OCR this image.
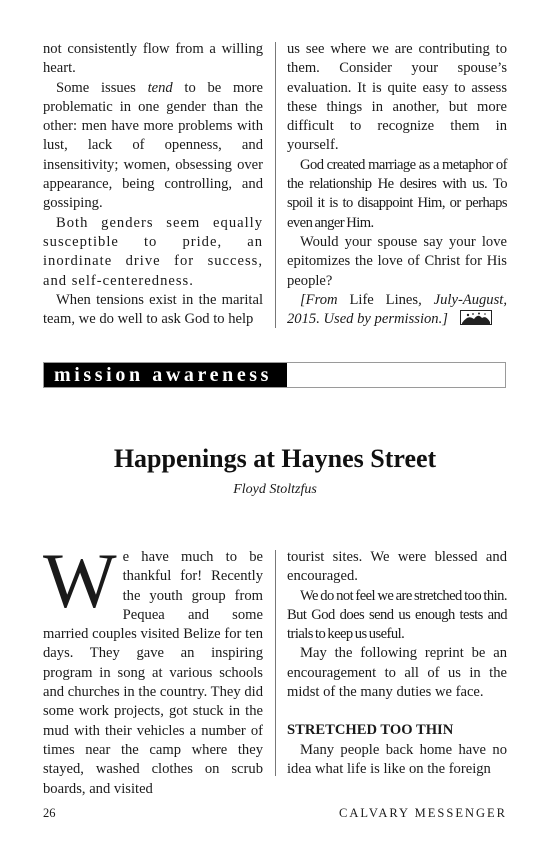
not consistently flow from a willing heart.

Some issues tend to be more problematic in one gender than the other: men have more problems with lust, lack of openness, and insensitivity; women, obsessing over appearance, being controlling, and gossiping.

Both genders seem equally susceptible to pride, an inordinate drive for success, and self-centeredness.

When tensions exist in the marital team, we do well to ask God to help

us see where we are contributing to them. Consider your spouse’s evaluation. It is quite easy to assess these things in another, but more difficult to recognize them in yourself.

God created marriage as a metaphor of the relationship He desires with us. To spoil it is to disappoint Him, or perhaps even anger Him.

Would your spouse say your love epitomizes the love of Christ for His people?

[From Life Lines, July-August, 2015. Used by permission.]

mission awareness
Happenings at Haynes Street
Floyd Stoltzfus

We have much to be thankful for! Recently the youth group from Pequea and some married couples visited Belize for ten days. They gave an inspiring program in song at various schools and churches in the country. They did some work projects, got stuck in the mud with their vehicles a number of times near the camp where they stayed, washed clothes on scrub boards, and visited

tourist sites. We were blessed and encouraged.

We do not feel we are stretched too thin. But God does send us enough tests and trials to keep us useful.

May the following reprint be an encouragement to all of us in the midst of the many duties we face.

STRETCHED TOO THIN

Many people back home have no idea what life is like on the foreign

26	CALVARY MESSENGER
